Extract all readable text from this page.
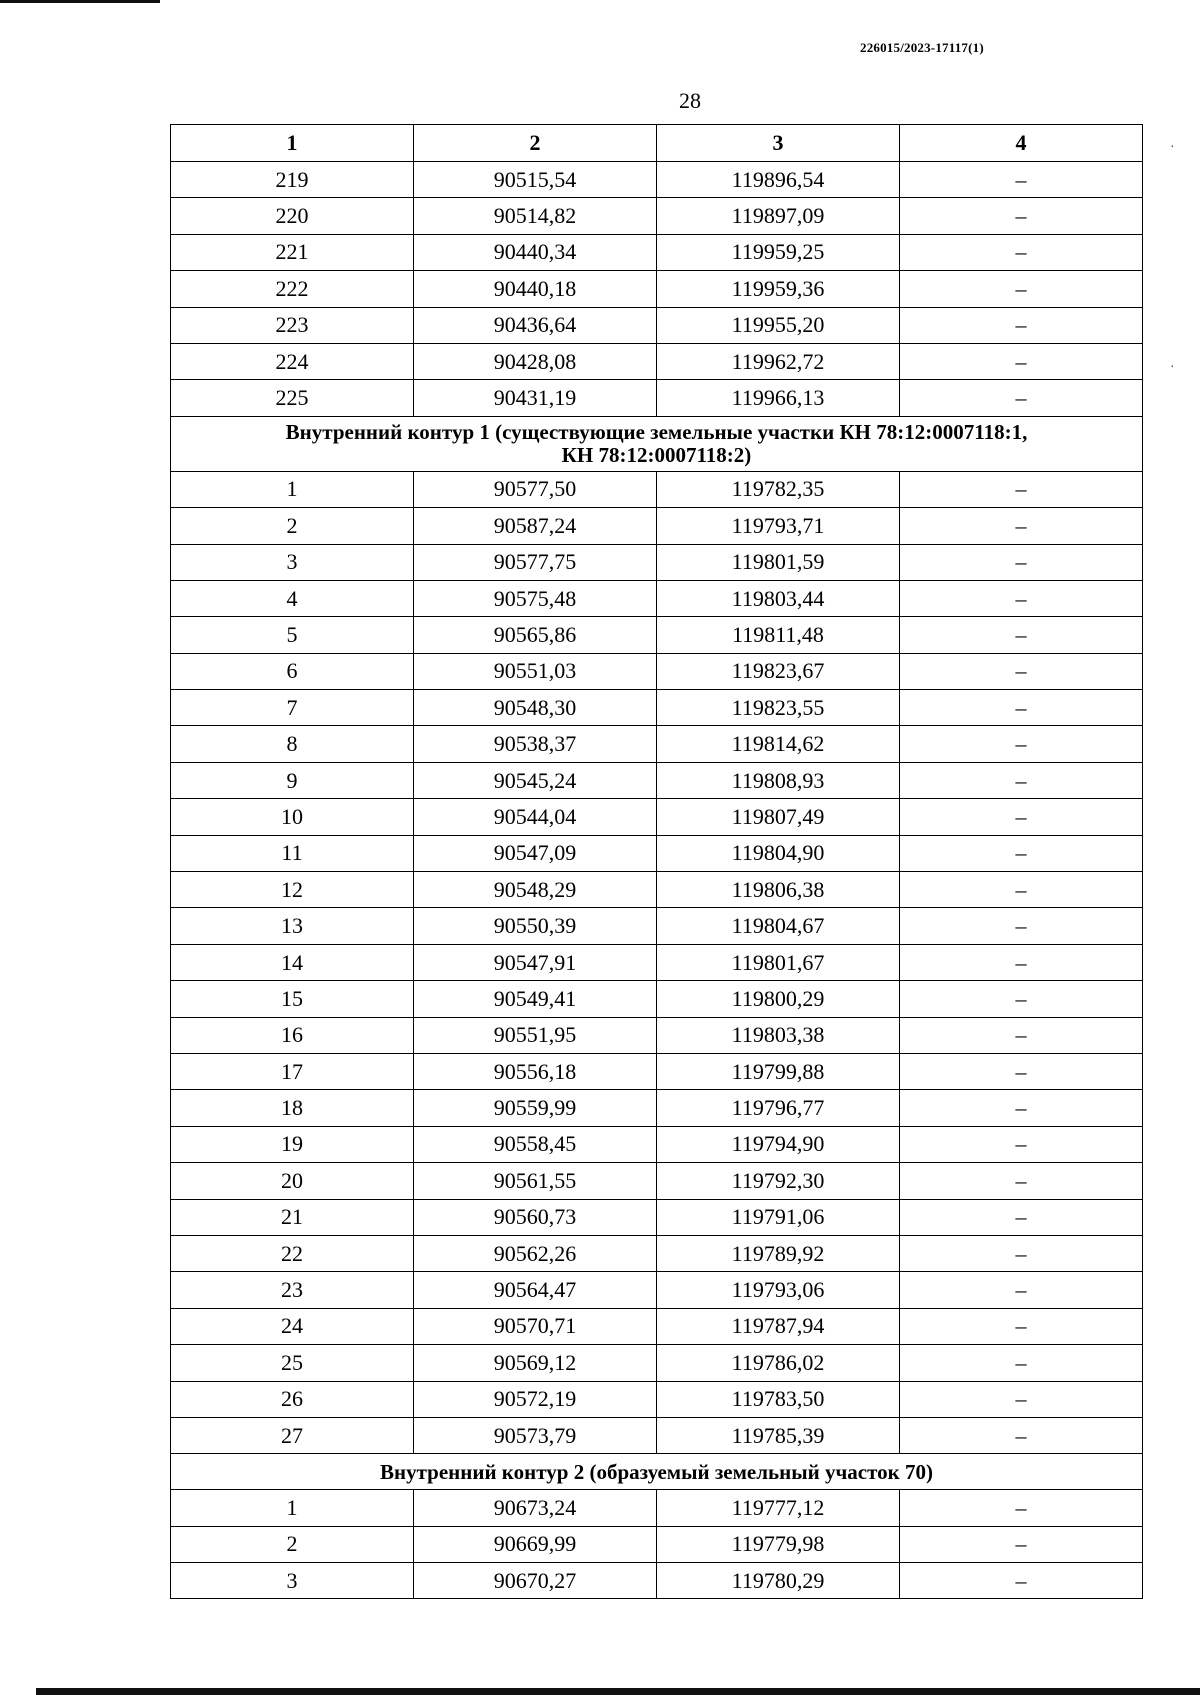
226015/2023-17117(1)
28
1	2	3	4
219	90515,54	119896,54	–
220	90514,82	119897,09	–
221	90440,34	119959,25	–
222	90440,18	119959,36	–
223	90436,64	119955,20	–
224	90428,08	119962,72	–
225	90431,19	119966,13	–

Внутренний контур 1 (существующие земельные участки КН 78:12:0007118:1,
КН 78:12:0007118:2)			

1	90577,50	119782,35	–
2	90587,24	119793,71	–
3	90577,75	119801,59	–
4	90575,48	119803,44	–
5	90565,86	119811,48	–
6	90551,03	119823,67	–
7	90548,30	119823,55	–
8	90538,37	119814,62	–
9	90545,24	119808,93	–
10	90544,04	119807,49	–
11	90547,09	119804,90	–
12	90548,29	119806,38	–
13	90550,39	119804,67	–
14	90547,91	119801,67	–
15	90549,41	119800,29	–
16	90551,95	119803,38	–
17	90556,18	119799,88	–
18	90559,99	119796,77	–
19	90558,45	119794,90	–
20	90561,55	119792,30	–
21	90560,73	119791,06	–
22	90562,26	119789,92	–
23	90564,47	119793,06	–
24	90570,71	119787,94	–
25	90569,12	119786,02	–
26	90572,19	119783,50	–
27	90573,79	119785,39	–

Внутренний контур 2 (образуемый земельный участок 70)			

1	90673,24	119777,12	–
2	90669,99	119779,98	–
3	90670,27	119780,29	–
·
·
